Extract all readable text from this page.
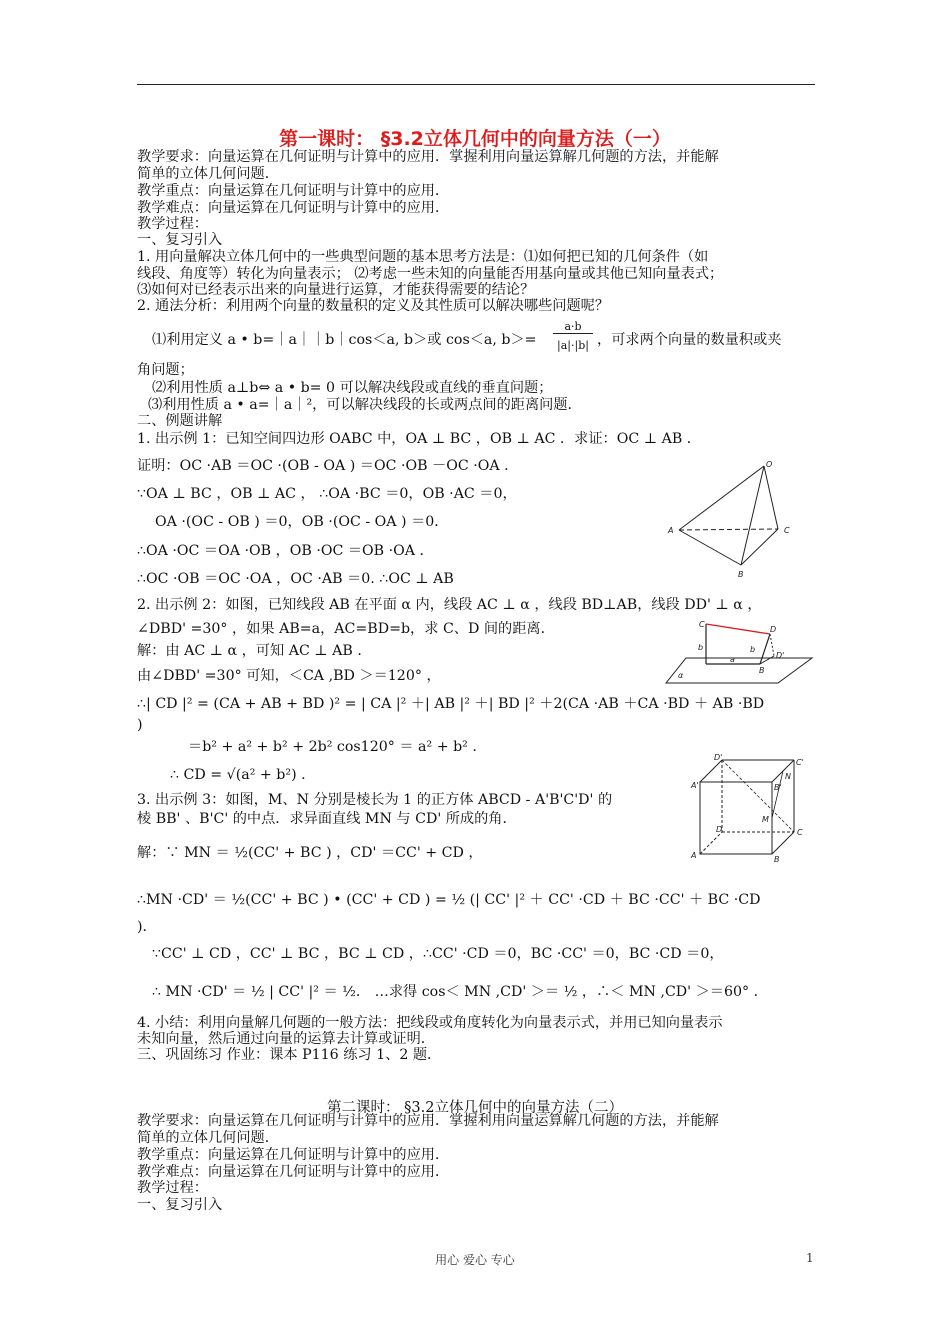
第一课时： §3.2立体几何中的向量方法（一）
教学要求：向量运算在几何证明与计算中的应用．掌握利用向量运算解几何题的方法，并能解
简单的立体几何问题．
教学重点：向量运算在几何证明与计算中的应用．
教学难点：向量运算在几何证明与计算中的应用．
教学过程：
一、复习引入
1. 用向量解决立体几何中的一些典型问题的基本思考方法是：⑴如何把已知的几何条件（如
线段、角度等）转化为向量表示； ⑵考虑一些未知的向量能否用基向量或其他已知向量表式；
⑶如何对已经表示出来的向量进行运算，才能获得需要的结论？
2. 通法分析：利用两个向量的数量积的定义及其性质可以解决哪些问题呢？
⑴利用定义 a • b=｜a｜｜b｜cos＜a, b＞或 cos＜a, b＞=
a·b
|a|·|b| ，可求两个向量的数量积或夹
角问题；
⑵利用性质 a⊥b⇔ a • b= 0 可以解决线段或直线的垂直问题；
⑶利用性质 a • a=｜a｜²，可以解决线段的长或两点间的距离问题．
二、例题讲解
1. 出示例 1：已知空间四边形 OABC 中，OA ⊥ BC ，OB ⊥ AC ．求证：OC ⊥ AB ．
证明：OC ·AB ＝OC ·(OB - OA ) ＝OC ·OB －OC ·OA ．
∵OA ⊥ BC ，OB ⊥ AC ， ∴OA ·BC ＝0，OB ·AC ＝0，
OA ·(OC - OB ) ＝0，OB ·(OC - OA ) ＝0．
∴OA ·OC ＝OA ·OB ，OB ·OC ＝OB ·OA ．
∴OC ·OB ＝OC ·OA ，OC ·AB ＝0. ∴OC ⊥ AB
O
A	C
B
2. 出示例 2：如图，已知线段 AB 在平面 α 内，线段 AC ⊥ α ，线段 BD⊥AB，线段 DD' ⊥ α ，
∠DBD' =30° ，如果 AB=a，AC=BD=b，求 C、D 间的距离．	C
D
b	b
a
B
D'
α
解：由 AC ⊥ α ，可知 AC ⊥ AB ．
由∠DBD' =30° 可知，＜CA ,BD ＞＝120° ，
∴| CD |² = (CA + AB + BD )² = | CA |² ＋| AB |² ＋| BD |² ＋2(CA ·AB ＋CA ·BD ＋ AB ·BD
)
＝b² + a² + b² + 2b² cos120° ＝ a² + b² .
∴ CD = √(a² + b²) .
D'
C'
A'	B'
N
M
D	C
A	B
3. 出示例 3：如图，M、N 分别是棱长为 1 的正方体 ABCD - A'B'C'D' 的
棱 BB' 、B'C' 的中点．求异面直线 MN 与 CD' 所成的角．
解：∵ MN ＝ ½(CC' + BC ) ，CD' ＝CC' + CD ，
∴MN ·CD' ＝ ½(CC' + BC ) • (CC' + CD ) = ½ (| CC' |² ＋ CC' ·CD ＋ BC ·CC' ＋ BC ·CD
)．
∵CC' ⊥ CD ，CC' ⊥ BC ，BC ⊥ CD ，∴CC' ·CD ＝0，BC ·CC' ＝0，BC ·CD ＝0，
∴ MN ·CD' ＝ ½ | CC' |² ＝ ½． …求得 cos＜ MN ,CD' ＞＝ ½ ，∴＜ MN ,CD' ＞＝60° ．
4. 小结：利用向量解几何题的一般方法：把线段或角度转化为向量表示式，并用已知向量表示
未知向量，然后通过向量的运算去计算或证明．
三、巩固练习 作业：课本 P116 练习 1、2 题．
第二课时： §3.2立体几何中的向量方法（二）
教学要求：向量运算在几何证明与计算中的应用．掌握利用向量运算解几何题的方法，并能解
简单的立体几何问题．
教学重点：向量运算在几何证明与计算中的应用．
教学难点：向量运算在几何证明与计算中的应用．
教学过程：
一、复习引入
用心 爱心 专心	1
